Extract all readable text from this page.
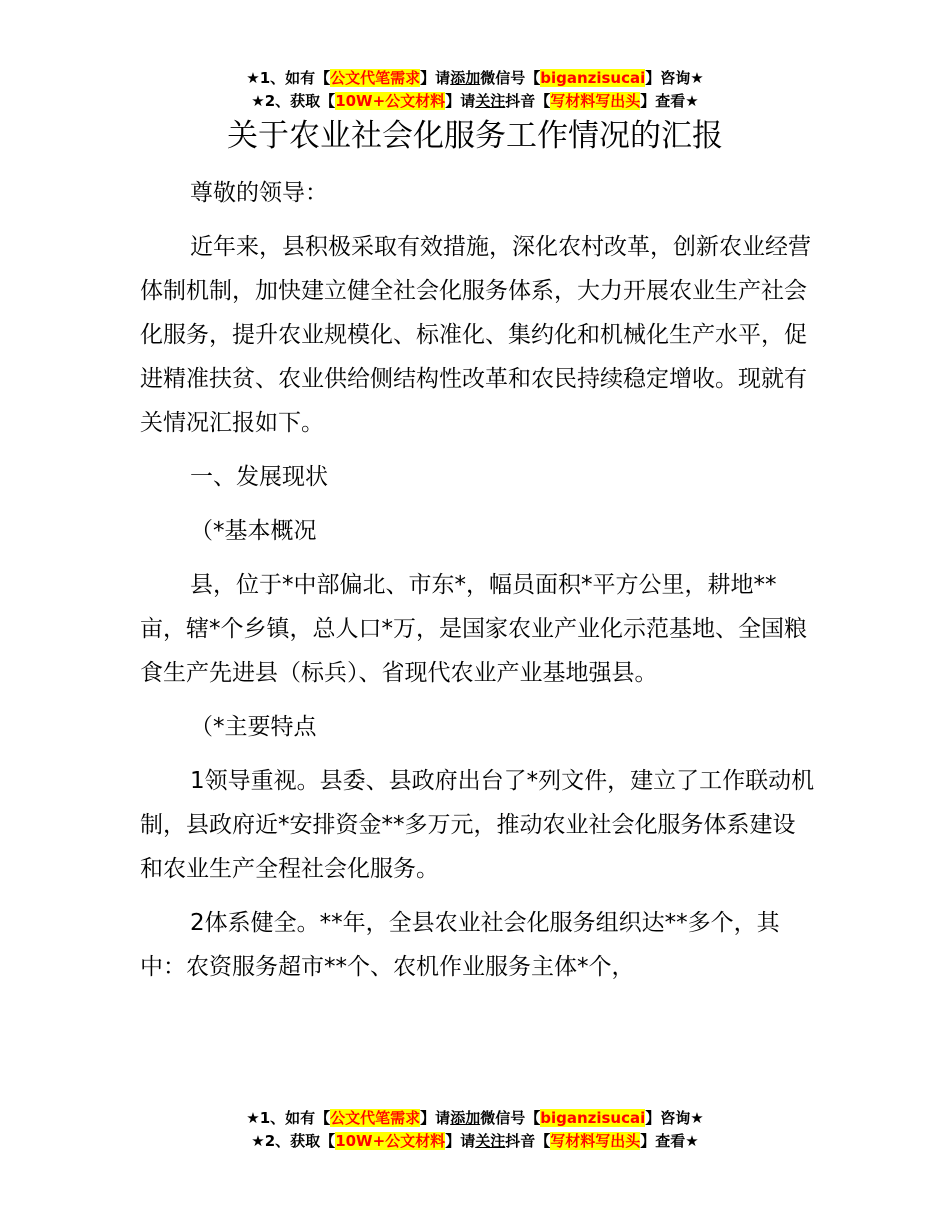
★1、如有【公文代笔需求】请添加微信号【biganzisucai】咨询★
★2、获取【10W+公文材料】请关注抖音【写材料写出头】查看★
关于农业社会化服务工作情况的汇报

尊敬的领导：

近年来，县积极采取有效措施，深化农村改革，创新农业经营体制机制，加快建立健全社会化服务体系，大力开展农业生产社会化服务，提升农业规模化、标准化、集约化和机械化生产水平，促进精准扶贫、农业供给侧结构性改革和农民持续稳定增收。现就有关情况汇报如下。

一、发展现状

（*基本概况

县，位于*中部偏北、市东*，幅员面积*平方公里，耕地**亩，辖*个乡镇，总人口*万，是国家农业产业化示范基地、全国粮食生产先进县（标兵）、省现代农业产业基地强县。

（*主要特点

1领导重视。县委、县政府出台了*列文件，建立了工作联动机制，县政府近*安排资金**多万元，推动农业社会化服务体系建设和农业生产全程社会化服务。

2体系健全。**年，全县农业社会化服务组织达**多个，其中：农资服务超市**个、农机作业服务主体*个，

★1、如有【公文代笔需求】请添加微信号【biganzisucai】咨询★
★2、获取【10W+公文材料】请关注抖音【写材料写出头】查看★
